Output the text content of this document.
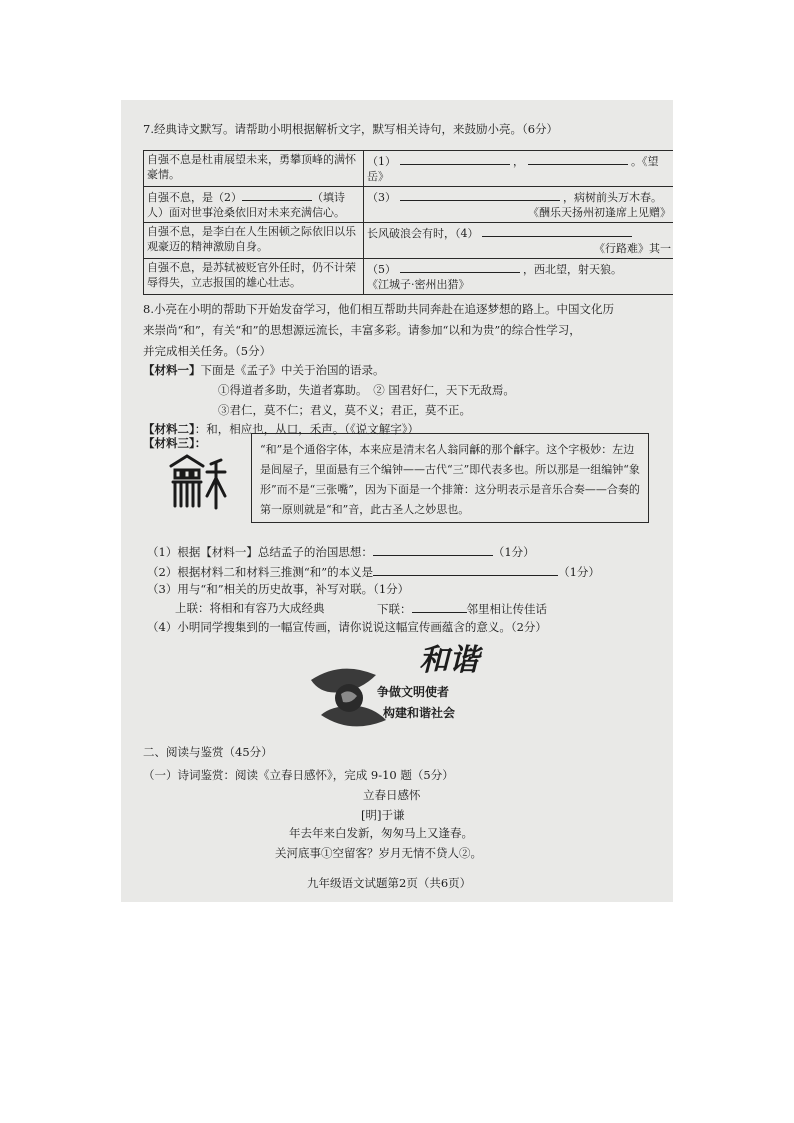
7.经典诗文默写。请帮助小明根据解析文字，默写相关诗句，来鼓励小亮。（6分）
自强不息是杜甫展望未来，勇攀顶峰的满怀豪情。	（1） ， 。《望岳》
自强不息，是（2） （填诗人）面对世事沧桑依旧对未来充满信心。	（3） ，病树前头万木春。
《酬乐天扬州初逢席上见赠》

自强不息，是李白在人生困顿之际依旧以乐观豪迈的精神激励自身。	长风破浪会有时，（4）
《行路难》其一

自强不息，是苏轼被贬官外任时，仍不计荣辱得失，立志报国的雄心壮志。	（5） ，西北望，射天狼。
《江城子·密州出猎》
8.小亮在小明的帮助下开始发奋学习，他们相互帮助共同奔赴在追逐梦想的路上。中国文化历
来崇尚“和”，有关“和”的思想源远流长，丰富多彩。请参加“以和为贵”的综合性学习，
并完成相关任务。（5分）
【材料一】下面是《孟子》中关于治国的语录。
①得道者多助，失道者寡助。　② 国君好仁，天下无敌焉。
③君仁，莫不仁；君义，莫不义；君正，莫不正。
【材料二】：和，相应也，从口，禾声。（《说文解字》）
【材料三】：	“和”是个通俗字体，本来应是清末名人翁同龢的那个龢字。这个字极妙：左边是闾屋子，里面悬有三个编钟——古代“三”即代表多也。所以那是一组编钟“象形”而不是“三张嘴”，因为下面是一个排箫：这分明表示是音乐合奏——合奏的第一原则就是“和”音，此古圣人之妙思也。
（1）根据【材料一】总结孟子的治国思想：	（1分）
（2）根据材料二和材料三推测“和”的本义是	（1分）
（3）用与“和”相关的历史故事，补写对联。（1分）
上联：将相和有容乃大成经典	下联：	邻里相让传佳话
（4）小明同学搜集到的一幅宣传画，请你说说这幅宣传画蕴含的意义。（2分）
和谐
争做文明使者
构建和谐社会
二、阅读与鉴赏（45分）
（一）诗词鉴赏：阅读《立春日感怀》，完成 9-10 题（5分）
立春日感怀
[明]于谦
年去年来白发新，匆匆马上又逢春。
关河底事①空留客？岁月无情不贷人②。
九年级语文试题第2页（共6页）
